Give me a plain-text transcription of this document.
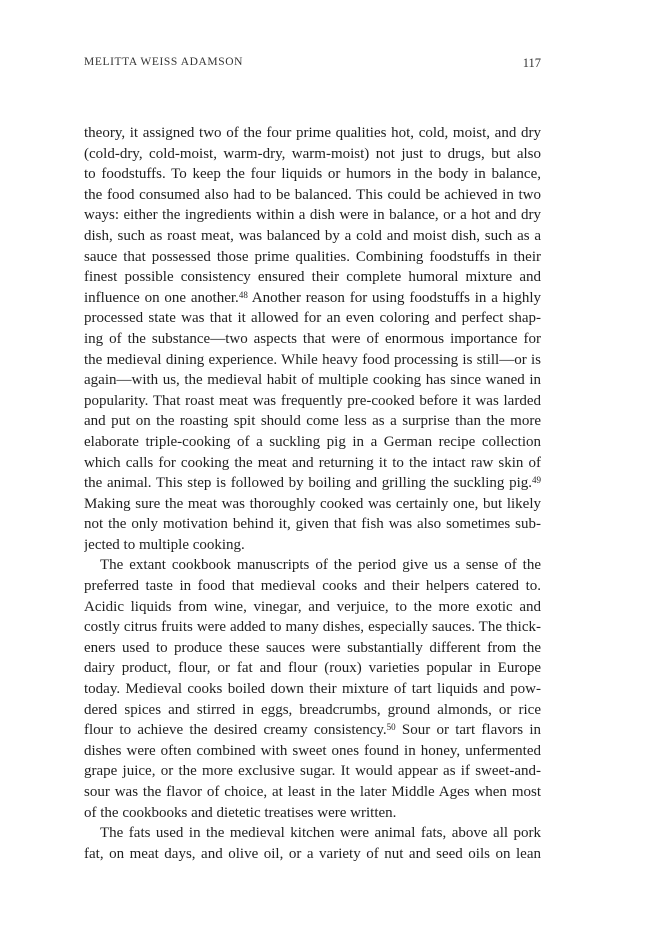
MELITTA WEISS ADAMSON	117
theory, it assigned two of the four prime qualities hot, cold, moist, and dry
(cold-dry, cold-moist, warm-dry, warm-moist) not just to drugs, but also
to foodstuffs. To keep the four liquids or humors in the body in balance,
the food consumed also had to be balanced. This could be achieved in two
ways: either the ingredients within a dish were in balance, or a hot and dry
dish, such as roast meat, was balanced by a cold and moist dish, such as a
sauce that possessed those prime qualities. Combining foodstuffs in their
finest possible consistency ensured their complete humoral mixture and
influence on one another.$^{48}$ Another reason for using foodstuffs in a highly
processed state was that it allowed for an even coloring and perfect shap-
ing of the substance—two aspects that were of enormous importance for
the medieval dining experience. While heavy food processing is still—or is
again—with us, the medieval habit of multiple cooking has since waned in
popularity. That roast meat was frequently pre-cooked before it was larded
and put on the roasting spit should come less as a surprise than the more
elaborate triple-cooking of a suckling pig in a German recipe collection
which calls for cooking the meat and returning it to the intact raw skin of
the animal. This step is followed by boiling and grilling the suckling pig.$^{49}$
Making sure the meat was thoroughly cooked was certainly one, but likely
not the only motivation behind it, given that fish was also sometimes sub-
jected to multiple cooking.
The extant cookbook manuscripts of the period give us a sense of the
preferred taste in food that medieval cooks and their helpers catered to.
Acidic liquids from wine, vinegar, and verjuice, to the more exotic and
costly citrus fruits were added to many dishes, especially sauces. The thick-
eners used to produce these sauces were substantially different from the
dairy product, flour, or fat and flour (roux) varieties popular in Europe
today. Medieval cooks boiled down their mixture of tart liquids and pow-
dered spices and stirred in eggs, breadcrumbs, ground almonds, or rice
flour to achieve the desired creamy consistency.$^{50}$ Sour or tart flavors in
dishes were often combined with sweet ones found in honey, unfermented
grape juice, or the more exclusive sugar. It would appear as if sweet-and-
sour was the flavor of choice, at least in the later Middle Ages when most
of the cookbooks and dietetic treatises were written.
The fats used in the medieval kitchen were animal fats, above all pork
fat, on meat days, and olive oil, or a variety of nut and seed oils on lean
